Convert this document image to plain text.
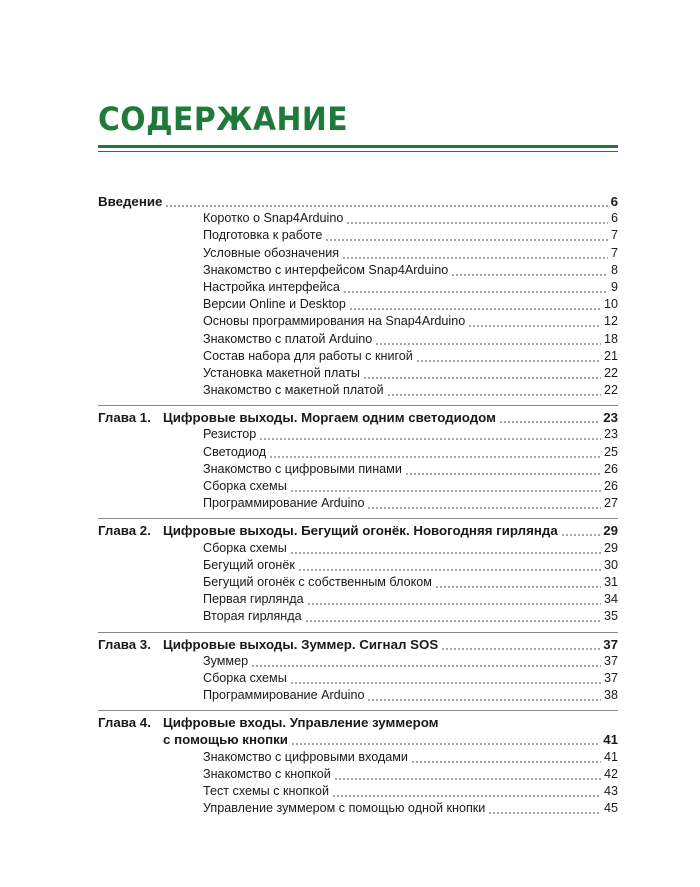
СОДЕРЖАНИЕ
Введение	6
Коротко о Snap4Arduino	6
Подготовка к работе	7
Условные обозначения	7
Знакомство с интерфейсом Snap4Arduino	8
Настройка интерфейса	9
Версии Online и Desktop	10
Основы программирования на Snap4Arduino	12
Знакомство с платой Arduino	18
Состав набора для работы с книгой	21
Установка макетной платы	22
Знакомство с макетной платой	22
Глава 1. Цифровые выходы. Моргаем одним светодиодом	23
Резистор	23
Светодиод	25
Знакомство с цифровыми пинами	26
Сборка схемы	26
Программирование Arduino	27
Глава 2. Цифровые выходы. Бегущий огонёк. Новогодняя гирлянда	29
Сборка схемы	29
Бегущий огонёк	30
Бегущий огонёк с собственным блоком	31
Первая гирлянда	34
Вторая гирлянда	35
Глава 3. Цифровые выходы. Зуммер. Сигнал SOS	37
Зуммер	37
Сборка схемы	37
Программирование Arduino	38
Глава 4. Цифровые входы. Управление зуммером
с помощью кнопки	41
Знакомство с цифровыми входами	41
Знакомство с кнопкой	42
Тест схемы с кнопкой	43
Управление зуммером с помощью одной кнопки	45
